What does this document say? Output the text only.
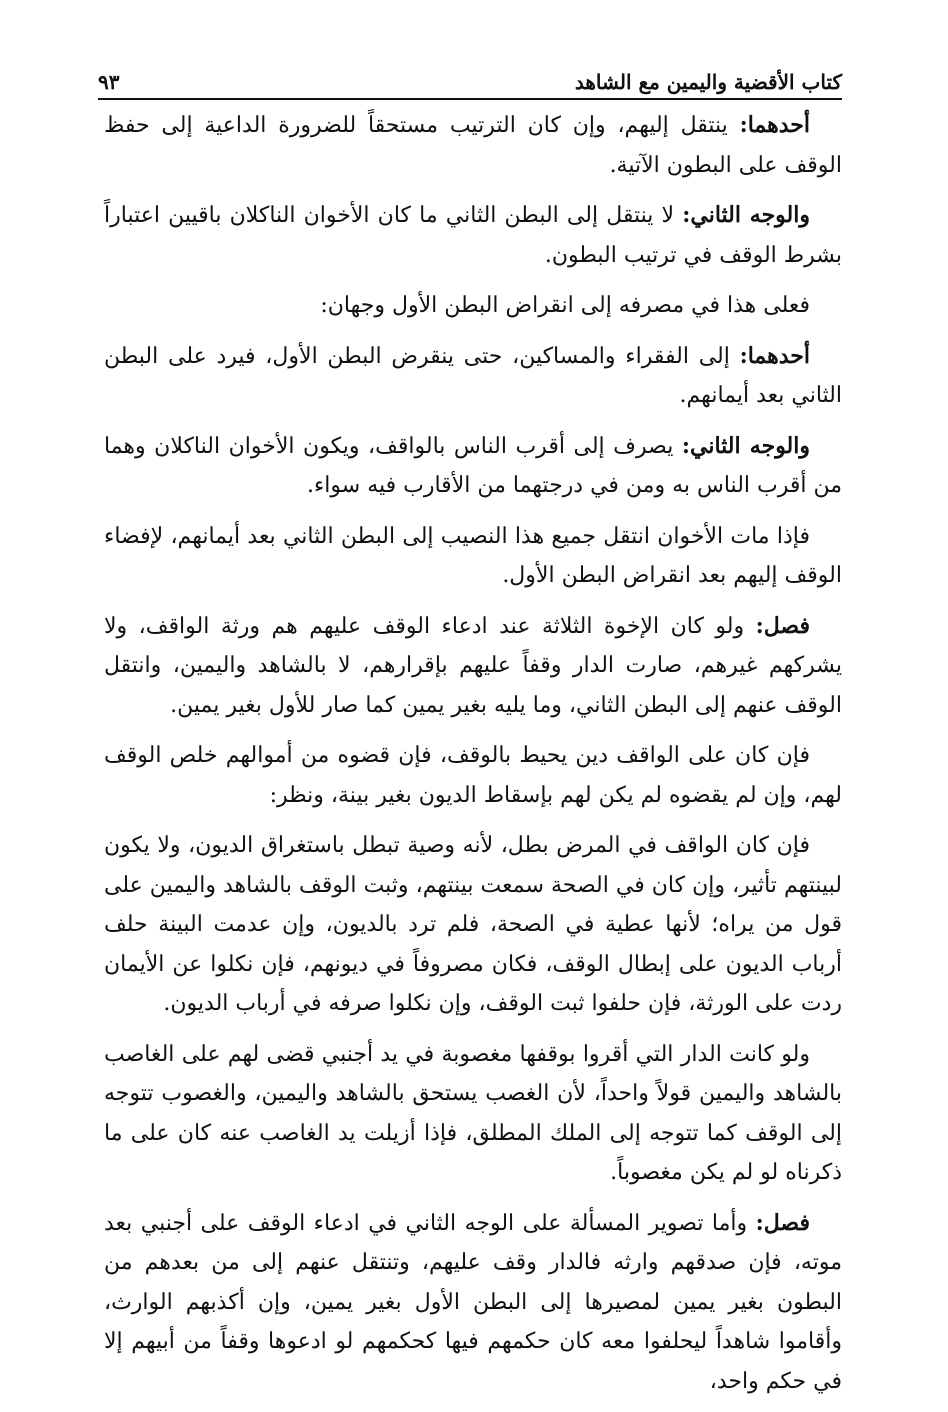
كتاب الأقضية واليمين مع الشاهد
٩٣

أحدهما: ينتقل إليهم، وإن كان الترتيب مستحقاً للضرورة الداعية إلى حفظ الوقف على البطون الآتية.

والوجه الثاني: لا ينتقل إلى البطن الثاني ما كان الأخوان الناكلان باقيين اعتباراً بشرط الوقف في ترتيب البطون.

فعلى هذا في مصرفه إلى انقراض البطن الأول وجهان:

أحدهما: إلى الفقراء والمساكين، حتى ينقرض البطن الأول، فيرد على البطن الثاني بعد أيمانهم.

والوجه الثاني: يصرف إلى أقرب الناس بالواقف، ويكون الأخوان الناكلان وهما من أقرب الناس به ومن في درجتهما من الأقارب فيه سواء.

فإذا مات الأخوان انتقل جميع هذا النصيب إلى البطن الثاني بعد أيمانهم، لإفضاء الوقف إليهم بعد انقراض البطن الأول.

فصل: ولو كان الإخوة الثلاثة عند ادعاء الوقف عليهم هم ورثة الواقف، ولا يشركهم غيرهم، صارت الدار وقفاً عليهم بإقرارهم، لا بالشاهد واليمين، وانتقل الوقف عنهم إلى البطن الثاني، وما يليه بغير يمين كما صار للأول بغير يمين.

فإن كان على الواقف دين يحيط بالوقف، فإن قضوه من أموالهم خلص الوقف لهم، وإن لم يقضوه لم يكن لهم بإسقاط الديون بغير بينة، ونظر:

فإن كان الواقف في المرض بطل، لأنه وصية تبطل باستغراق الديون، ولا يكون لبينتهم تأثير، وإن كان في الصحة سمعت بينتهم، وثبت الوقف بالشاهد واليمين على قول من يراه؛ لأنها عطية في الصحة، فلم ترد بالديون، وإن عدمت البينة حلف أرباب الديون على إبطال الوقف، فكان مصروفاً في ديونهم، فإن نكلوا عن الأيمان ردت على الورثة، فإن حلفوا ثبت الوقف، وإن نكلوا صرفه في أرباب الديون.

ولو كانت الدار التي أقروا بوقفها مغصوبة في يد أجنبي قضى لهم على الغاصب بالشاهد واليمين قولاً واحداً، لأن الغصب يستحق بالشاهد واليمين، والغصوب تتوجه إلى الوقف كما تتوجه إلى الملك المطلق، فإذا أزيلت يد الغاصب عنه كان على ما ذكرناه لو لم يكن مغصوباً.

فصل: وأما تصوير المسألة على الوجه الثاني في ادعاء الوقف على أجنبي بعد موته، فإن صدقهم وارثه فالدار وقف عليهم، وتنتقل عنهم إلى من بعدهم من البطون بغير يمين لمصيرها إلى البطن الأول بغير يمين، وإن أكذبهم الوارث، وأقاموا شاهداً ليحلفوا معه كان حكمهم فيها كحكمهم لو ادعوها وقفاً من أبيهم إلا في حكم واحد،
